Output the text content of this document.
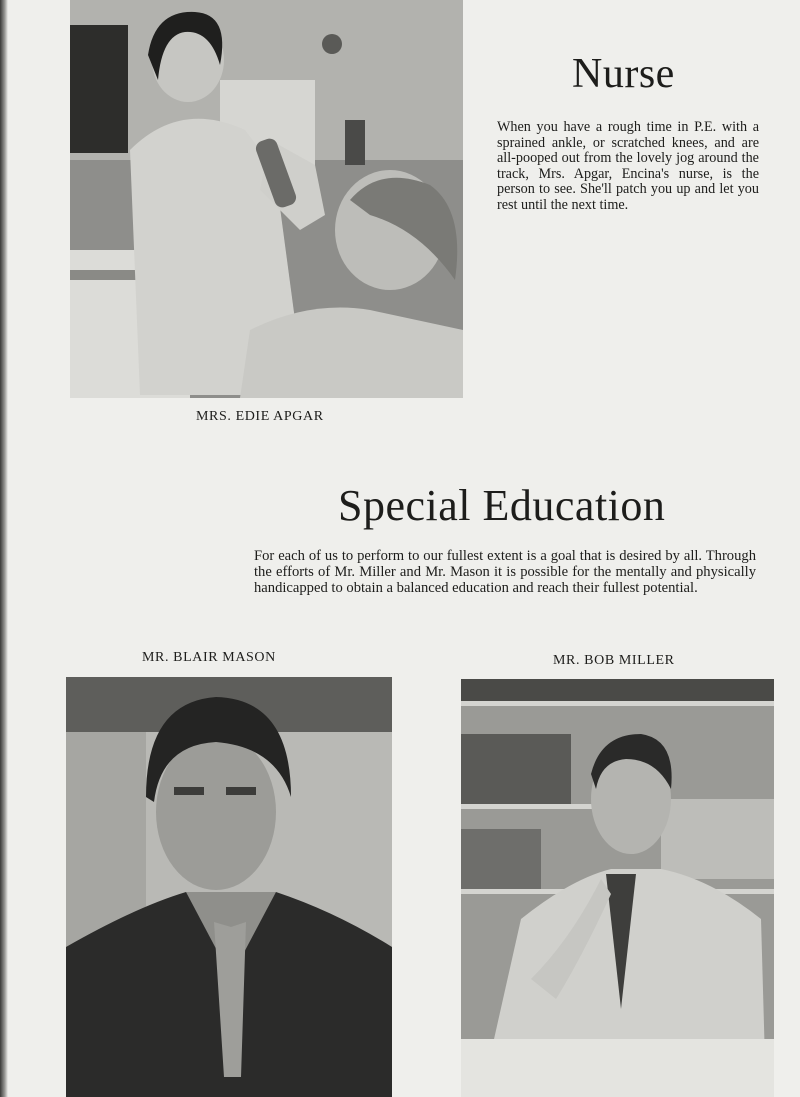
Nurse

When you have a rough time in P.E. with a sprained ankle, or scratched knees, and are all-pooped out from the lovely jog around the track, Mrs. Apgar, Encina's nurse, is the person to see. She'll patch you up and let you rest until the next time.

MRS. EDIE APGAR

Special Education

For each of us to perform to our fullest extent is a goal that is desired by all. Through the efforts of Mr. Miller and Mr. Mason it is possible for the mentally and physically handicapped to obtain a balanced education and reach their fullest potential.

MR. BLAIR MASON	MR. BOB MILLER
